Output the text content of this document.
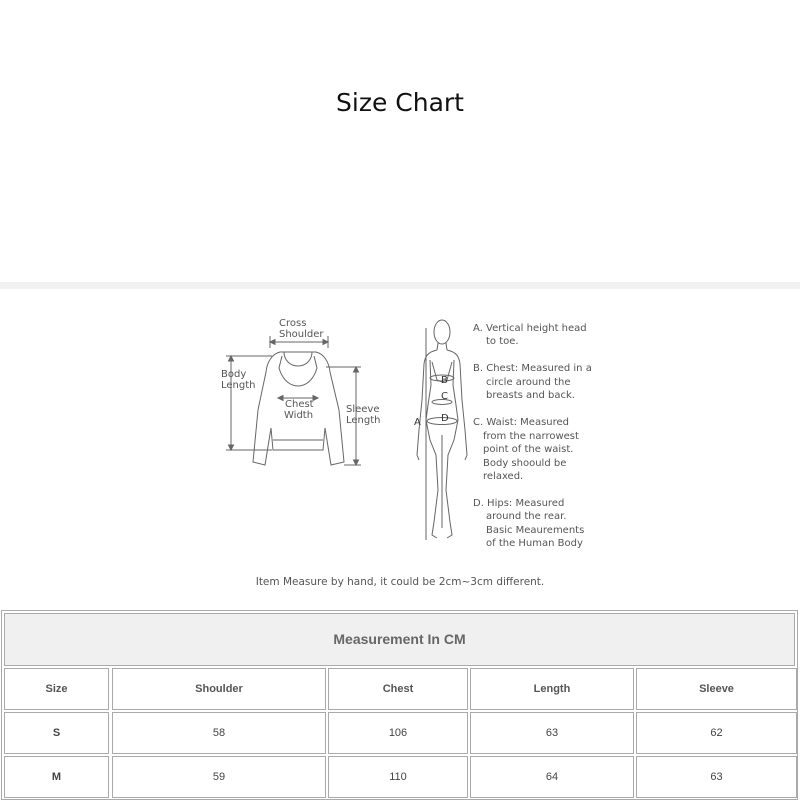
Size Chart
Cross
Shoulder
Body
Length
Chest
Width
Sleeve
Length
B
C
D
A
A. Vertical height head
to toe.
B. Chest: Measured in a
circle around the
breasts and back.
C. Waist: Measured
from the narrowest
point of the waist.
Body shoould be
relaxed.
D. Hips: Measured
around the rear.
Basic Meaurements
of the Human Body
Item Measure by hand, it could be 2cm~3cm different.
Measurement In CM
Size	Shoulder	Chest	Length	Sleeve
S	58	106	63	62
M	59	110	64	63
